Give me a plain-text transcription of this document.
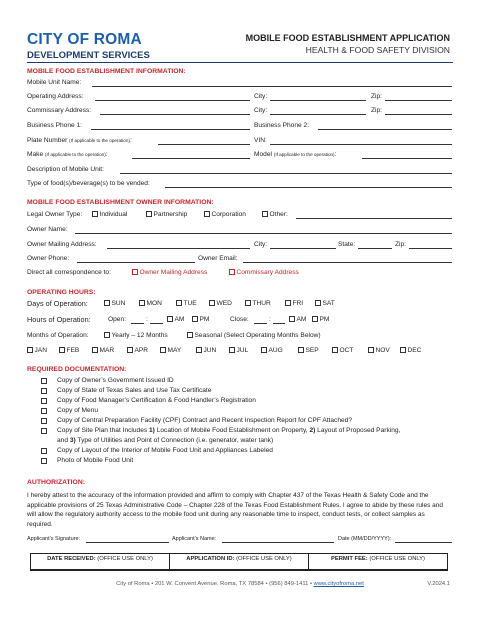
CITY OF ROMA
DEVELOPMENT SERVICES
MOBILE FOOD ESTABLISHMENT APPLICATION
HEALTH & FOOD SAFETY DIVISION
MOBILE FOOD ESTABLISHMENT INFORMATION:
Mobile Unit Name:
Operating Address:	City:	Zip:
Commissary Address:	City:	Zip:
Business Phone 1:	Business Phone 2:
Plate Number (If applicable to the operation):	VIN:
Make (If applicable to the operation):	Model (If applicable to the operation):
Description of Mobile Unit:
Type of food(s)/beverage(s) to be vended:
MOBILE FOOD ESTABLISHMENT OWNER INFORMATION:
Legal Owner Type:	Individual	Partnership	Corporation	Other:
Owner Name:
Owner Mailing Address:	City:	State:	Zip:
Owner Phone:	Owner Email:
Direct all correspondence to:	Owner Mailing Address	Commissary Address
OPERATING HOURS:
Days of Operation:	SUN	MON	TUE	WED	THUR	FRI	SAT
Hours of Operation:	Open:	:	AM	PM	Close:	:	AM	PM
Months of Operation:	Yearly – 12 Months	Seasonal (Select Operating Months Below)
JAN	FEB	MAR	APR	MAY	JUN	JUL	AUG	SEP	OCT	NOV	DEC
REQUIRED DOCUMENTATION:
Copy of Owner’s Government Issued ID
Copy of State of Texas Sales and Use Tax Certificate
Copy of Food Manager’s Certification & Food Handler’s Registration
Copy of Menu
Copy of Central Preparation Facility (CPF) Contract and Recent Inspection Report for CPF Attached?
Copy of Site Plan that Includes 1) Location of Mobile Food Establishment on Property, 2) Layout of Proposed Parking,
and 3) Type of Utilities and Point of Connection (i.e. generator, water tank)
Copy of Layout of the Interior of Mobile Food Unit and Appliances Labeled
Photo of Mobile Food Unit
AUTHORIZATION:
I hereby attest to the accuracy of the information provided and affirm to comply with Chapter 437 of the Texas Health & Safety Code and the applicable provisions of 25 Texas Administrative Code – Chapter 228 of the Texas Food Establishment Rules. I agree to abide by these rules and will allow the regulatory authority access to the mobile food unit during any reasonable time to inspect, conduct tests, or collect samples as required.
Applicant’s Signature:	Applicant’s Name:	Date (MM/DD/YYYY):
DATE RECEIVED: (OFFICE USE ONLY)	APPLICATION ID: (OFFICE USE ONLY)	PERMIT FEE: (OFFICE USE ONLY)
City of Roma • 201 W. Convent Avenue, Roma, TX 78584 • (956) 849-1411 • www.cityofroma.net	V.2024.1
